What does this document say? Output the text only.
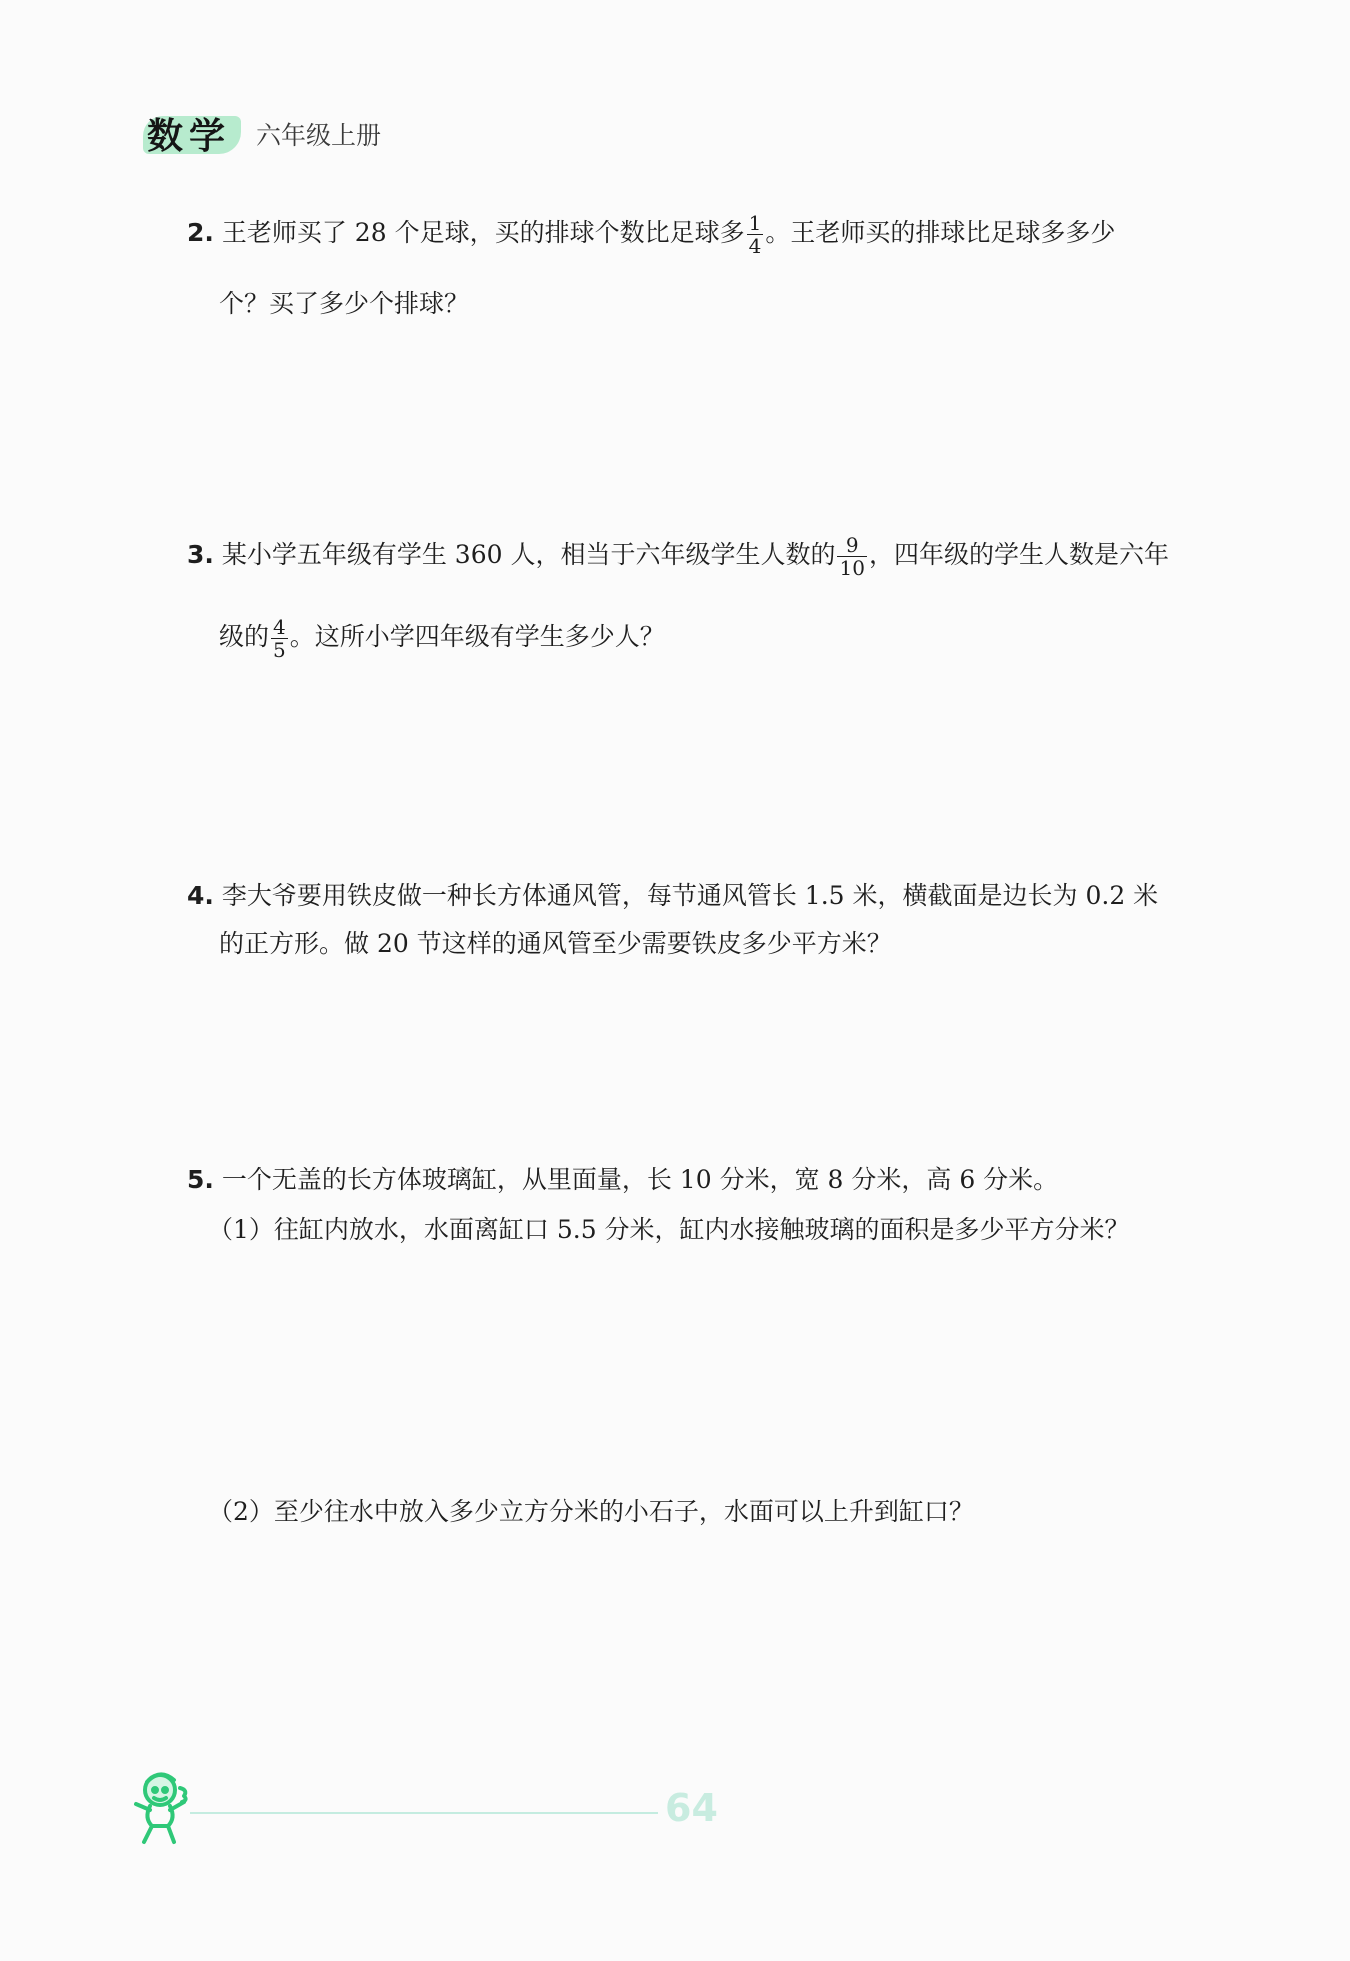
数学 六年级上册
2. 王老师买了 28 个足球，买的排球个数比足球多 $\frac{1}{4}$ 。王老师买的排球比足球多多少
个？买了多少个排球？
3. 某小学五年级有学生 360 人，相当于六年级学生人数的 $\frac{9}{10}$ ，四年级的学生人数是六年
级的 $\frac{4}{5}$ 。这所小学四年级有学生多少人？
4. 李大爷要用铁皮做一种长方体通风管，每节通风管长 1.5 米，横截面是边长为 0.2 米
的正方形。做 20 节这样的通风管至少需要铁皮多少平方米？
5. 一个无盖的长方体玻璃缸，从里面量，长 10 分米，宽 8 分米，高 6 分米。
（1）往缸内放水，水面离缸口 5.5 分米，缸内水接触玻璃的面积是多少平方分米？
（2）至少往水中放入多少立方分米的小石子，水面可以上升到缸口？
64
